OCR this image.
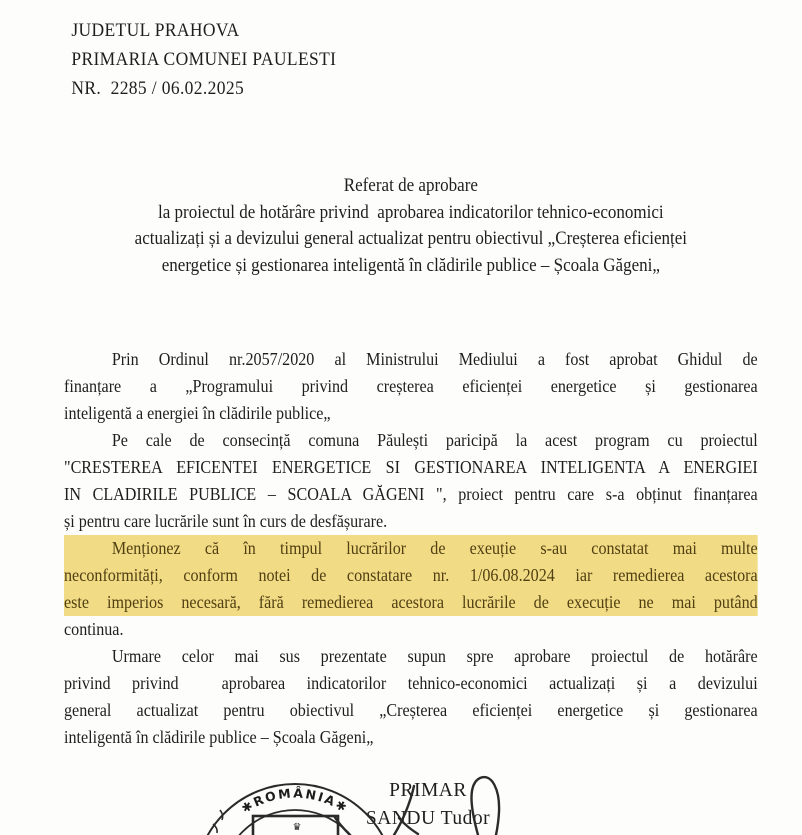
JUDETUL PRAHOVA
PRIMARIA COMUNEI PAULESTI
NR.  2285 / 06.02.2025
Referat de aprobare
la proiectul de hotărâre privind  aprobarea indicatorilor tehnico-economici
actualizați și a devizului general actualizat pentru obiectivul „Creșterea eficienței
energetice și gestionarea inteligentă în clădirile publice – Școala Găgeni„
Prin Ordinul nr.2057/2020 al Ministrului Mediului a fost aprobat Ghidul de
finanțare a „Programului privind creșterea eficienței energetice și gestionarea
inteligentă a energiei în clădirile publice„
Pe cale de consecință comuna Păulești paricipă la acest program cu proiectul
"CRESTEREA EFICENTEI ENERGETICE SI GESTIONAREA INTELIGENTA A ENERGIEI
IN CLADIRILE PUBLICE – SCOALA GĂGENI ", proiect pentru care s-a obținut finanțarea
și pentru care lucrările sunt în curs de desfășurare.
Menționez că în timpul lucrărilor de exeuție s-au constatat mai multe
neconformități, conform notei de constatare nr. 1/06.08.2024 iar remedierea acestora
este imperios necesară, fără remedierea acestora lucrările de execuție ne mai putând
continua.
Urmare celor mai sus prezentate supun spre aprobare proiectul de hotărâre
privind privind  aprobarea indicatorilor tehnico-economici actualizați și a devizului
general actualizat pentru obiectivul „Creșterea eficienței energetice și gestionarea
inteligentă în clădirile publice – Școala Găgeni„
PRIMAR
SANDU Tudor
✱ROMÂNIA✱
♛
